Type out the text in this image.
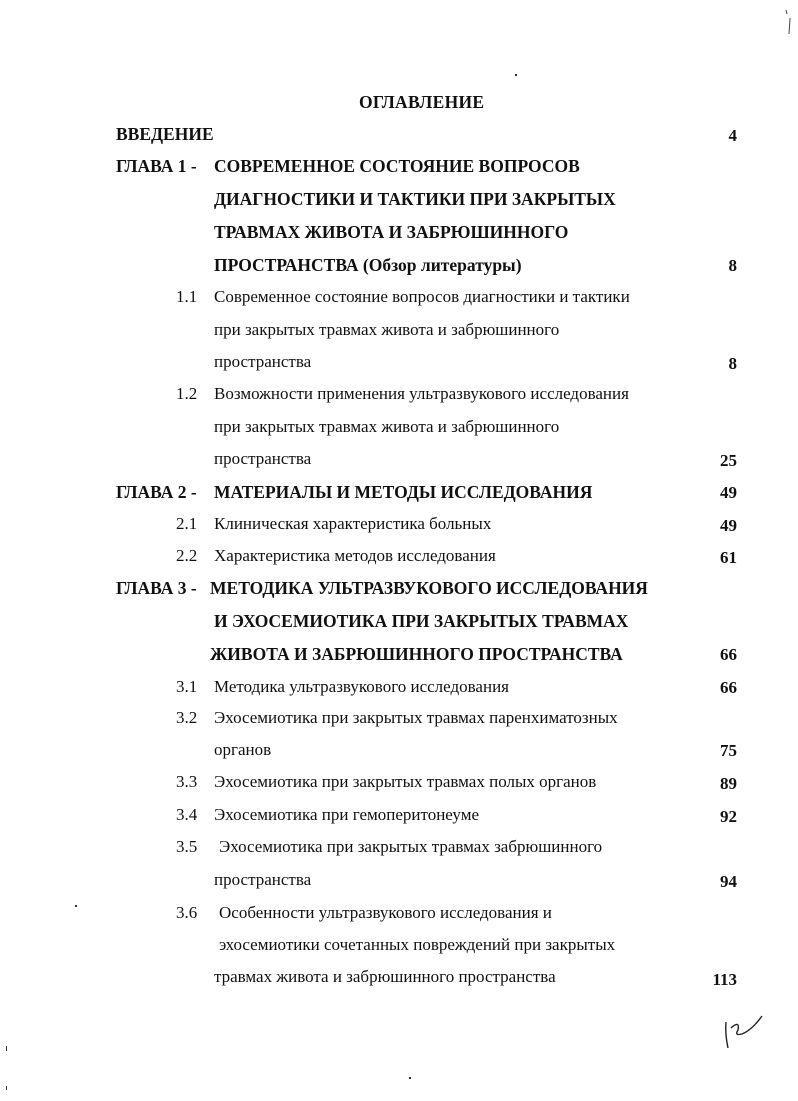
ОГЛАВЛЕНИЕ
ВВЕДЕНИЕ	4
ГЛАВА 1 - СОВРЕМЕННОЕ СОСТОЯНИЕ ВОПРОСОВ
ДИАГНОСТИКИ И ТАКТИКИ ПРИ ЗАКРЫТЫХ
ТРАВМАХ ЖИВОТА И ЗАБРЮШИННОГО
ПРОСТРАНСТВА (Обзор литературы)	8
1.1 Современное состояние вопросов диагностики и тактики
при закрытых травмах живота и забрюшинного
пространства	8
1.2 Возможности применения ультразвукового исследования
при закрытых травмах живота и забрюшинного
пространства	25
ГЛАВА 2 - МАТЕРИАЛЫ И МЕТОДЫ ИССЛЕДОВАНИЯ	49
2.1 Клиническая характеристика больных	49
2.2 Характеристика методов исследования	61
ГЛАВА 3 - МЕТОДИКА УЛЬТРАЗВУКОВОГО ИССЛЕДОВАНИЯ
И ЭХОСЕМИОТИКА ПРИ ЗАКРЫТЫХ ТРАВМАХ
ЖИВОТА И ЗАБРЮШИННОГО ПРОСТРАНСТВА	66
3.1 Методика ультразвукового исследования	66
3.2 Эхосемиотика при закрытых травмах паренхиматозных
органов	75
3.3 Эхосемиотика при закрытых травмах полых органов	89
3.4 Эхосемиотика при гемоперитонеуме	92
3.5 Эхосемиотика при закрытых травмах забрюшинного
пространства	94
3.6 Особенности ультразвукового исследования и
эхосемиотики сочетанных повреждений при закрытых
травмах живота и забрюшинного пространства	113
